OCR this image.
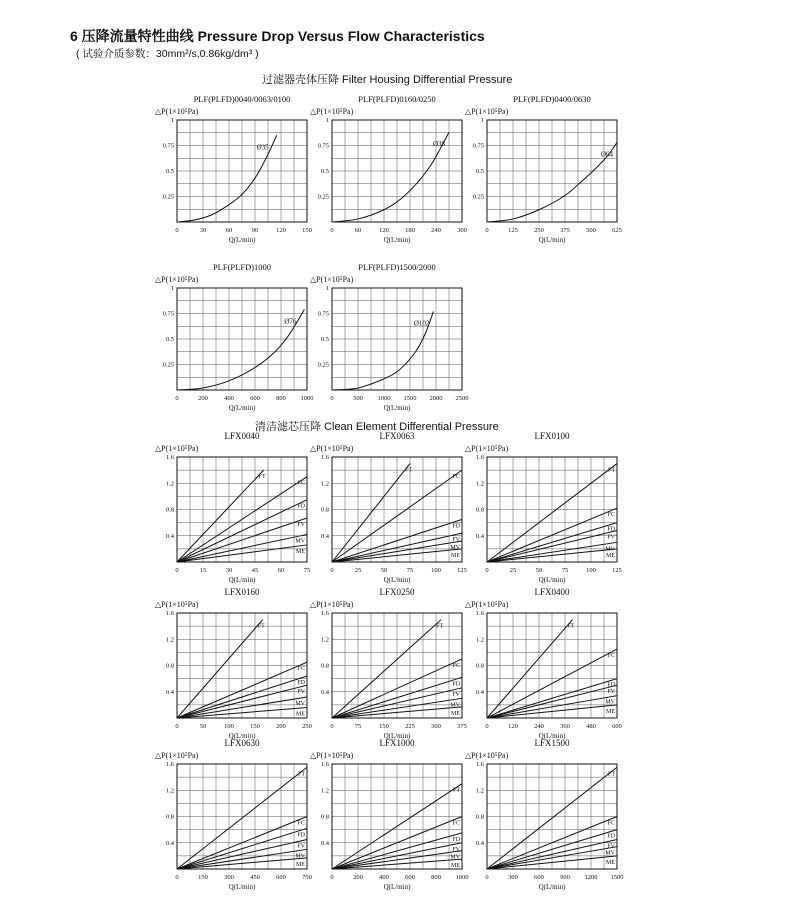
6 压降流量特性曲线 Pressure Drop Versus Flow Characteristics
( 试验介质参数：30mm²/s,0.86kg/dm³ )
过滤器壳体压降 Filter Housing Differential Pressure
清洁滤芯压降 Clean Element Differential Pressure
PLF(PLFD)0040/0063/0100
△P(1×10⁵Pa)
Q(L/min)
0	30	60	90	120	150
0.25
0.5
0.75
1
Ø35
PLF(PLFD)0160/0250
△P(1×10⁵Pa)
Q(L/min)
0	60	120	180	240	300
0.25
0.5
0.75
1
Ø38
PLF(PLFD)0400/0630
△P(1×10⁵Pa)
Q(L/min)
0	125	250	375	500	625
0.25
0.5
0.75
1
Ø64
PLF(PLFD)1000
△P(1×10⁵Pa)
Q(L/min)
0	200	400	600	800 1000
0.25
0.5
0.75
1
Ø76
PLF(PLFD)1500/2000
△P(1×10⁵Pa)
Q(L/min)
0	500 1000 1500 2000 2500
0.25
0.5
0.75
1
Ø102
LFX0040
△P(1×10⁵Pa)
Q(L/min)
0	15	30	45	60	75
0.4
0.8
1.2
1.6
FT
FC
FD
FV
MV
ME
LFX0063
△P(1×10⁵Pa)
Q(L/min)
0	25	50	75	100	125
0.4
0.8
1.2
1.6
FT
FC
FD
FV
MV
ME
LFX0100
△P(1×10⁵Pa)
Q(L/min)
0	25	50	75	100	125
0.4
0.8
1.2
1.6
FT
FC
FD
FV
MV
ME
LFX0160
△P(1×10⁵Pa)
Q(L/min)
0	50	100	150	200	250
0.4
0.8
1.2
1.6
FT
FC
FD
FV
MV
ME
LFX0250
△P(1×10⁵Pa)
Q(L/min)
0	75	150	225	300	375
0.4
0.8
1.2
1.6
FT
FC
FD
FV
MV
ME
LFX0400
△P(1×10⁵Pa)
Q(L/min)
0	120	240	360	480	600
0.4
0.8
1.2
1.6
FT
FC
FD
FV
MV
ME
LFX0630
△P(1×10⁵Pa)
Q(L/min)
0	150	300	450	600	750
0.4
0.8
1.2
1.6
FT
FC
FD
FV
MV
ME
LFX1000
△P(1×10⁵Pa)
Q(L/min)
0	200	400	600	800 1000
0.4
0.8
1.2
1.6
FT
FC
FD
FV
MV
ME
LFX1500
△P(1×10⁵Pa)
Q(L/min)
0	300	600	900 1200 1500
0.4
0.8
1.2
1.6
FT
FC
FD
FV
MV
ME
